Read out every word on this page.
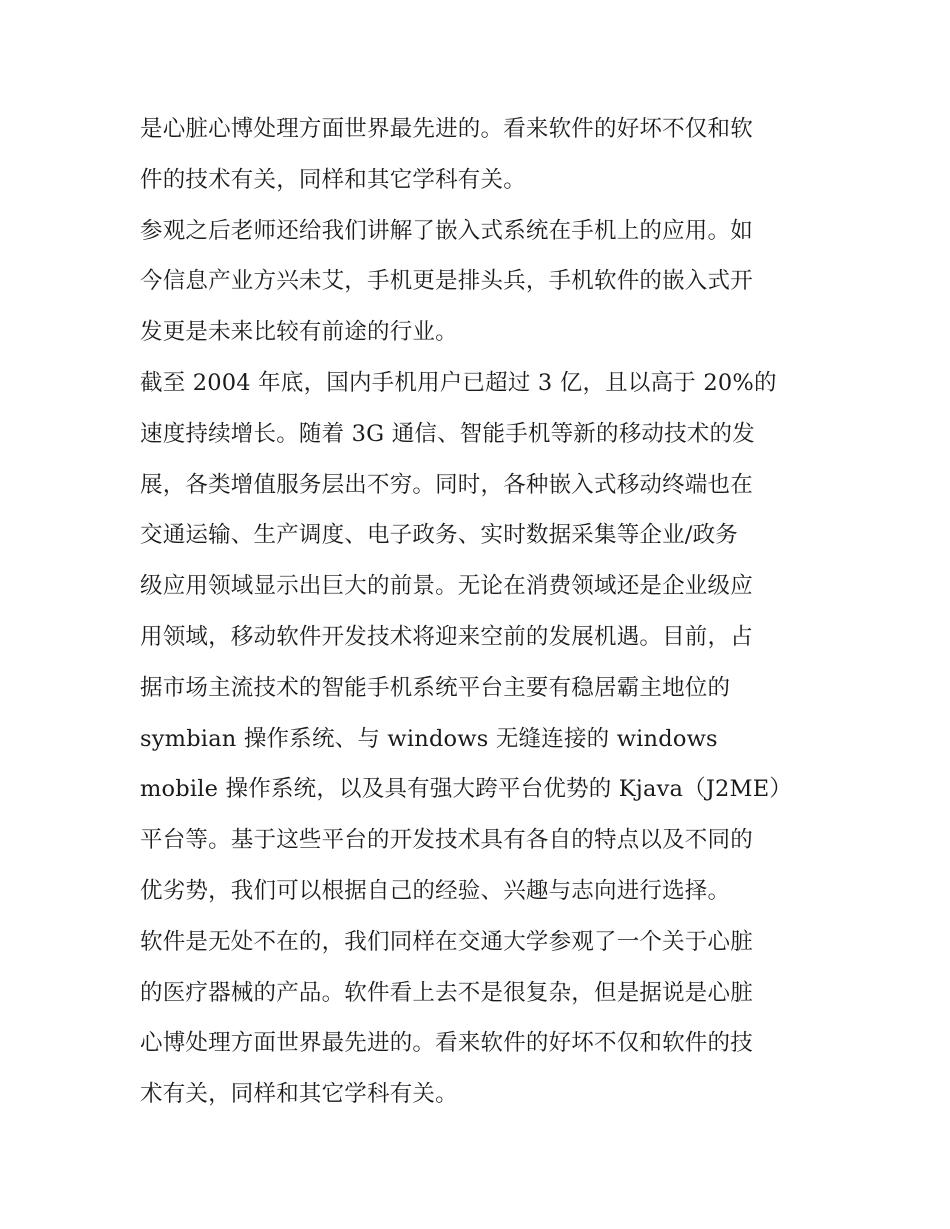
是心脏心博处理方面世界最先进的。看来软件的好坏不仅和软
件的技术有关，同样和其它学科有关。

参观之后老师还给我们讲解了嵌入式系统在手机上的应用。如
今信息产业方兴未艾，手机更是排头兵，手机软件的嵌入式开
发更是未来比较有前途的行业。

截至 2004 年底，国内手机用户已超过 3 亿，且以高于 20%的
速度持续增长。随着 3G 通信、智能手机等新的移动技术的发
展，各类增值服务层出不穷。同时，各种嵌入式移动终端也在
交通运输、生产调度、电子政务、实时数据采集等企业/政务
级应用领域显示出巨大的前景。无论在消费领域还是企业级应
用领域，移动软件开发技术将迎来空前的发展机遇。目前，占
据市场主流技术的智能手机系统平台主要有稳居霸主地位的
symbian 操作系统、与 windows 无缝连接的 windows
mobile 操作系统，以及具有强大跨平台优势的 Kjava（J2ME）
平台等。基于这些平台的开发技术具有各自的特点以及不同的
优劣势，我们可以根据自己的经验、兴趣与志向进行选择。

软件是无处不在的，我们同样在交通大学参观了一个关于心脏
的医疗器械的产品。软件看上去不是很复杂，但是据说是心脏
心博处理方面世界最先进的。看来软件的好坏不仅和软件的技
术有关，同样和其它学科有关。
